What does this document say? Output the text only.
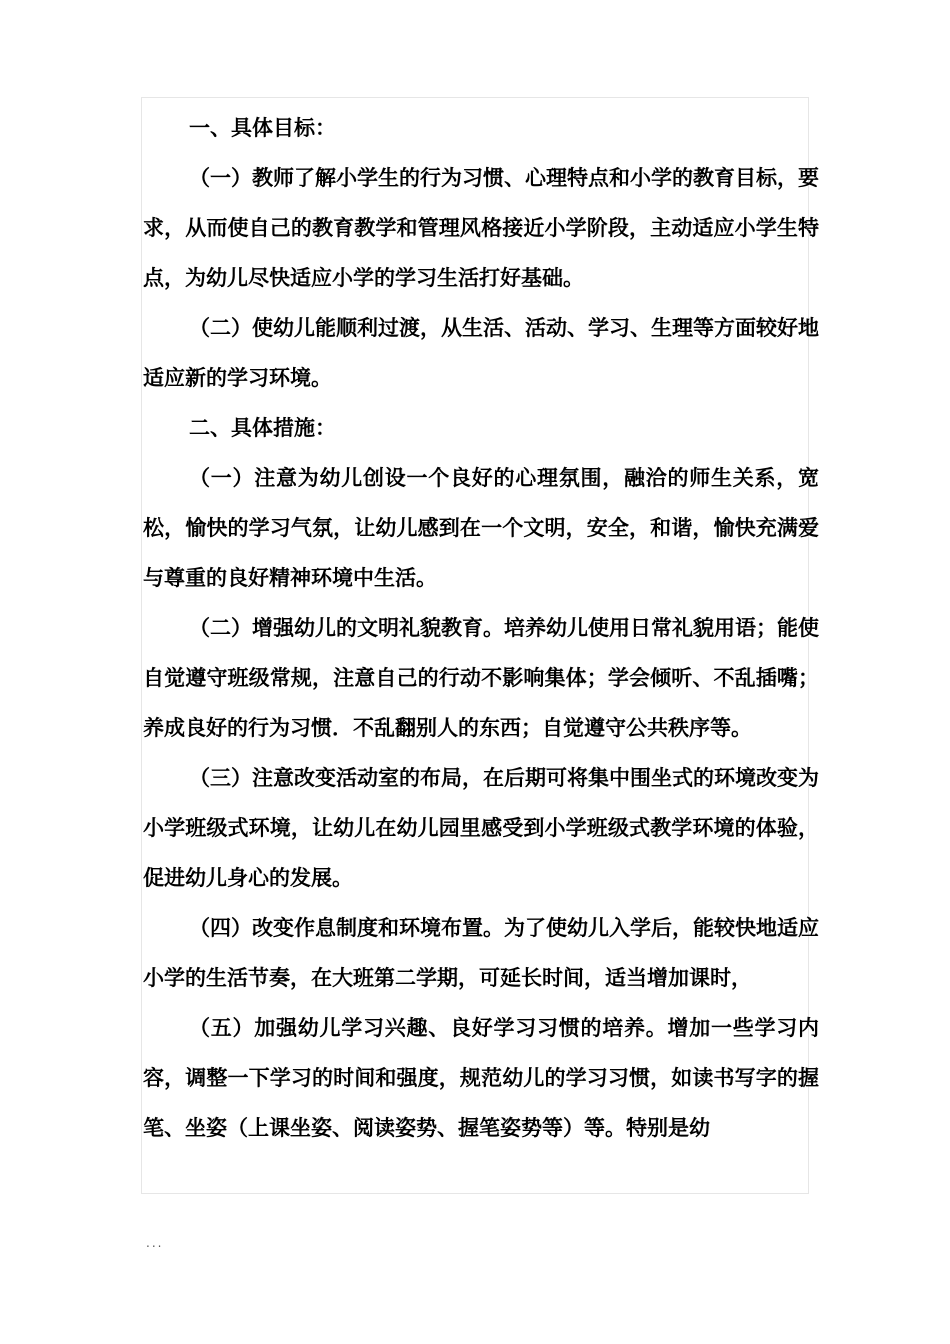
一、具体目标：

（一）教师了解小学生的行为习惯、心理特点和小学的教育目标，要求，从而使自己的教育教学和管理风格接近小学阶段，主动适应小学生特点，为幼儿尽快适应小学的学习生活打好基础。

（二）使幼儿能顺利过渡，从生活、活动、学习、生理等方面较好地适应新的学习环境。

二、具体措施：

（一）注意为幼儿创设一个良好的心理氛围，融洽的师生关系，宽松，愉快的学习气氛，让幼儿感到在一个文明，安全，和谐，愉快充满爱与尊重的良好精神环境中生活。

（二）增强幼儿的文明礼貌教育。培养幼儿使用日常礼貌用语；能使自觉遵守班级常规，注意自己的行动不影响集体；学会倾听、不乱插嘴；养成良好的行为习惯．不乱翻别人的东西；自觉遵守公共秩序等。

（三）注意改变活动室的布局，在后期可将集中围坐式的环境改变为小学班级式环境，让幼儿在幼儿园里感受到小学班级式教学环境的体验，促进幼儿身心的发展。

（四）改变作息制度和环境布置。为了使幼儿入学后，能较快地适应小学的生活节奏，在大班第二学期，可延长时间，适当增加课时，

（五）加强幼儿学习兴趣、良好学习习惯的培养。增加一些学习内容，调整一下学习的时间和强度，规范幼儿的学习习惯，如读书写字的握笔、坐姿（上课坐姿、阅读姿势、握笔姿势等）等。特别是幼

...
